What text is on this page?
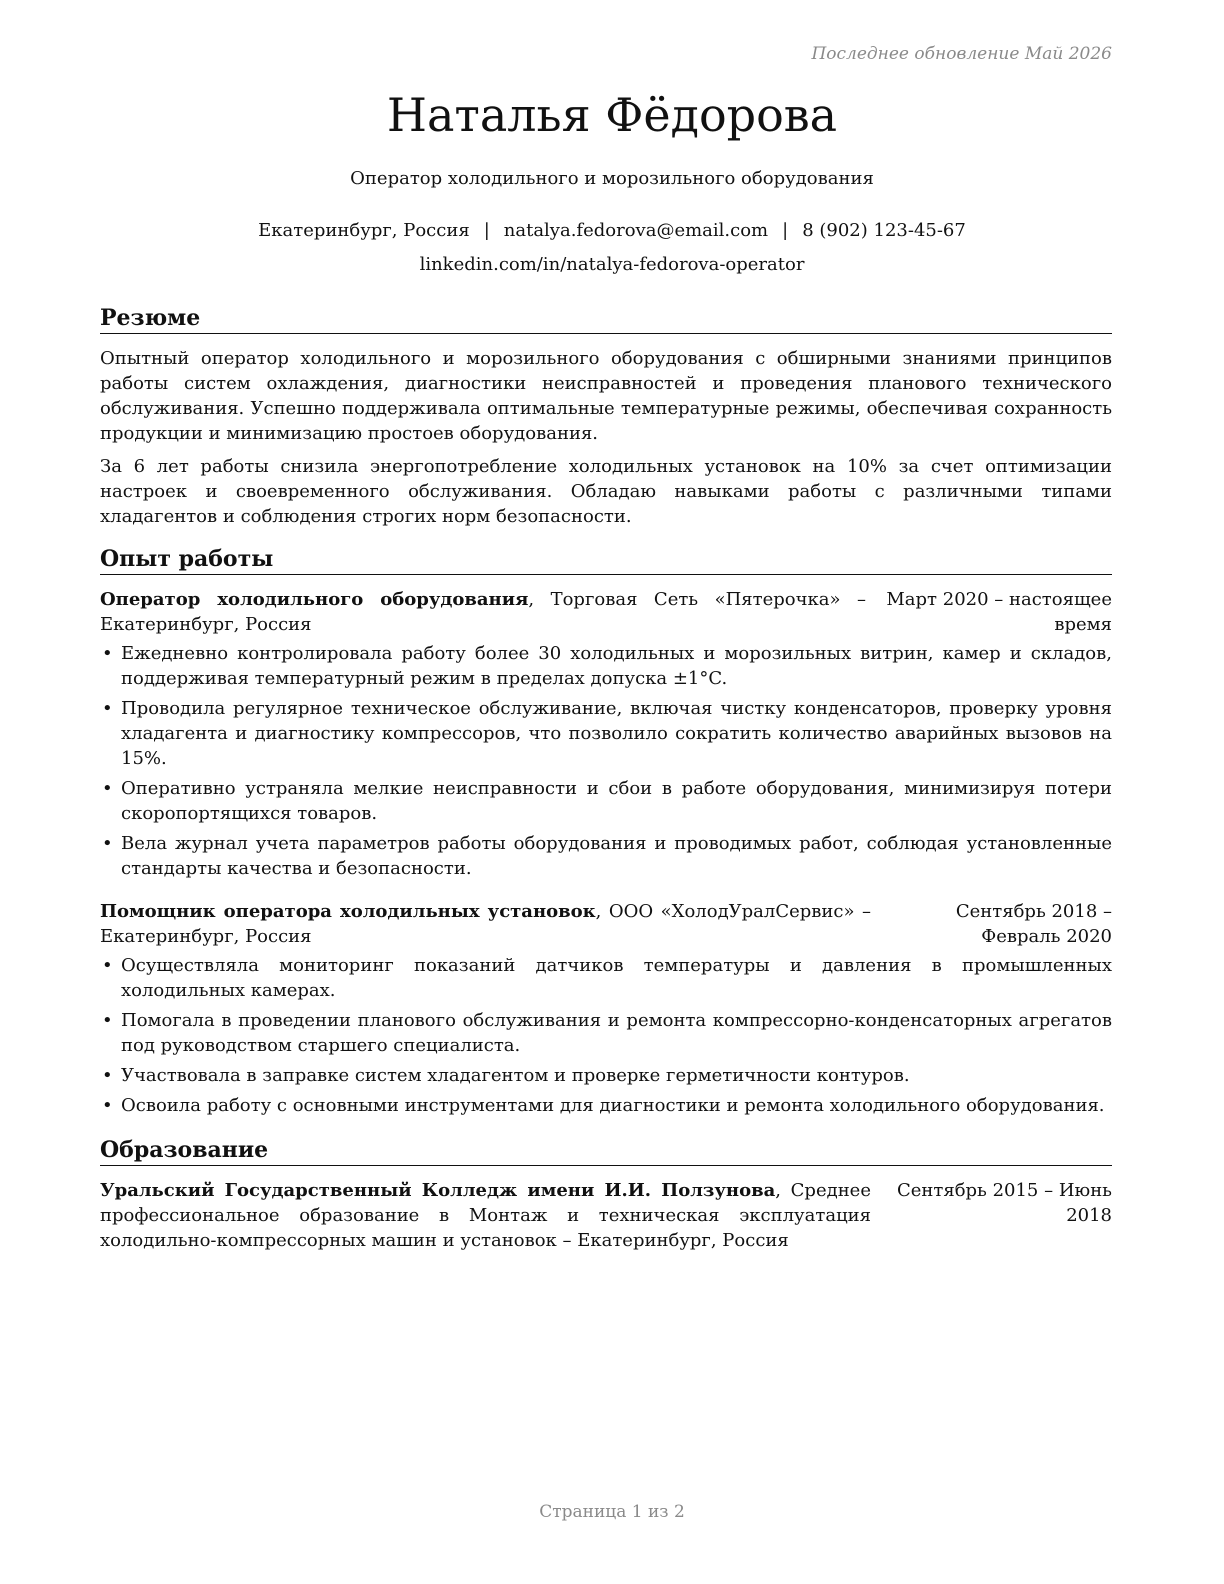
Последнее обновление Май 2026
Наталья Фёдорова
Оператор холодильного и морозильного оборудования
Екатеринбург, Россия | natalya.fedorova@email.com | 8 (902) 123-45-67
linkedin.com/in/natalya-fedorova-operator
Резюме

Опытный оператор холодильного и морозильного оборудования с обширными знаниями принципов работы систем охлаждения, диагностики неисправностей и проведения планового технического обслуживания. Успешно поддерживала оптимальные температурные режимы, обеспечивая сохранность продукции и минимизацию простоев оборудования.

За 6 лет работы снизила энергопотребление холодильных установок на 10% за счет оптимизации настроек и своевременного обслуживания. Обладаю навыками работы с различными типами хладагентов и соблюдения строгих норм безопасности.

Опыт работы
Оператор холодильного оборудования, Торговая Сеть «Пятерочка» – Екатеринбург, Россия
Март 2020 – настоящее время
• Ежедневно контролировала работу более 30 холодильных и морозильных витрин, камер и складов, поддерживая температурный режим в пределах допуска ±1°C.
• Проводила регулярное техническое обслуживание, включая чистку конденсаторов, проверку уровня хладагента и диагностику компрессоров, что позволило сократить количество аварийных вызовов на 15%.
• Оперативно устраняла мелкие неисправности и сбои в работе оборудования, минимизируя потери скоропортящихся товаров.
• Вела журнал учета параметров работы оборудования и проводимых работ, соблюдая установленные стандарты качества и безопасности.
Помощник оператора холодильных установок, ООО «ХолодУралСервис» – Екатеринбург, Россия
Сентябрь 2018 – Февраль 2020
• Осуществляла мониторинг показаний датчиков температуры и давления в промышленных холодильных камерах.
• Помогала в проведении планового обслуживания и ремонта компрессорно-конденсаторных агрегатов под руководством старшего специалиста.
• Участвовала в заправке систем хладагентом и проверке герметичности контуров.
• Освоила работу с основными инструментами для диагностики и ремонта холодильного оборудования.
Образование
Уральский Государственный Колледж имени И.И. Ползунова, Среднее профессиональное образование в Монтаж и техническая эксплуатация холодильно-компрессорных машин и установок – Екатеринбург, Россия
Сентябрь 2015 – Июнь 2018
Страница 1 из 2
